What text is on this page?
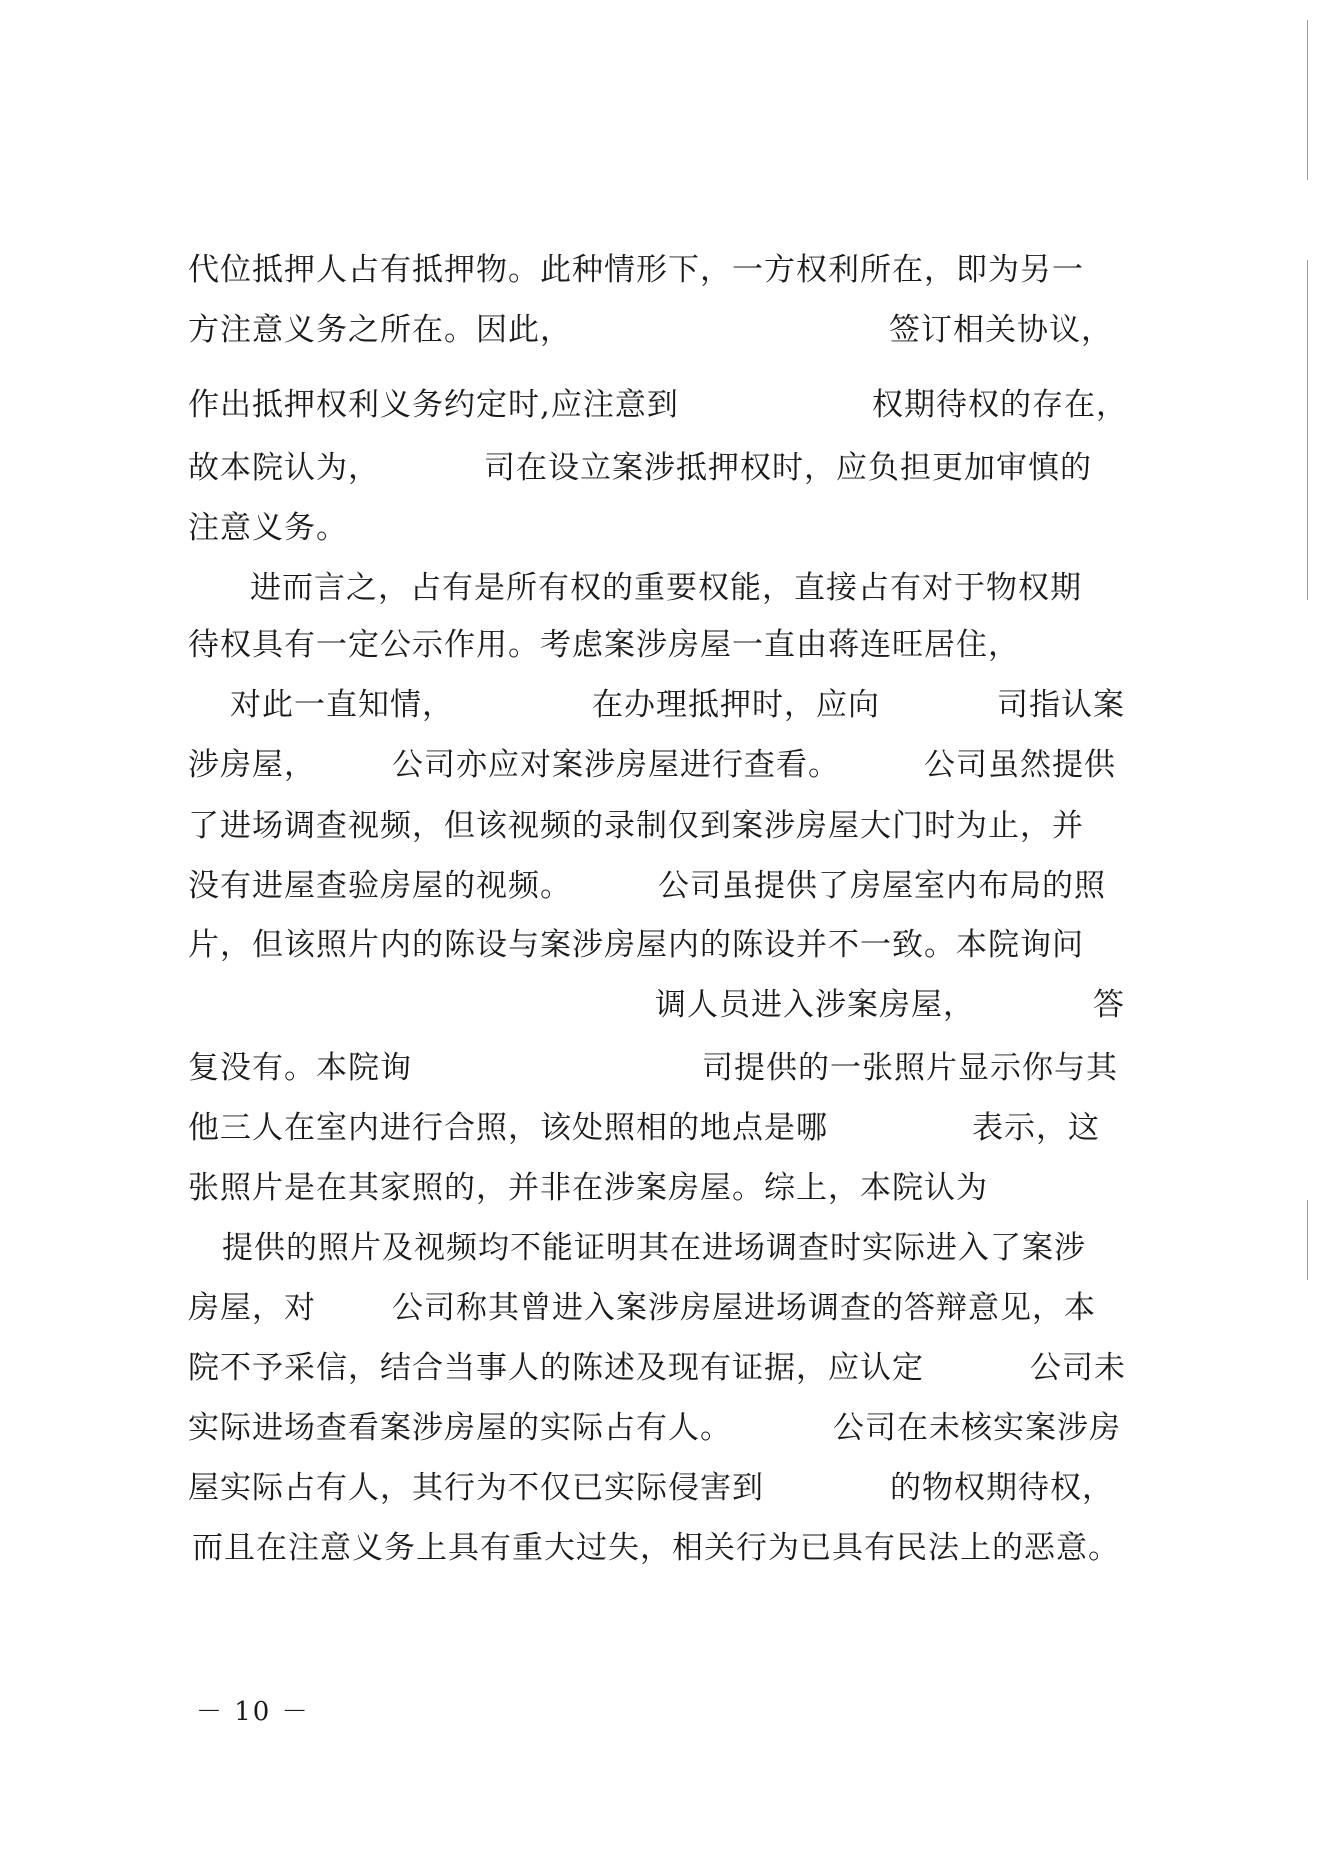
代位抵押人占有抵押物。此种情形下，一方权利所在，即为另一

方注意义务之所在。因此，

	签订相关协议，

作出抵押权利义务约定时,应注意到

	权期待权的存在，

故本院认为，

	司在设立案涉抵押权时，应负担更加审慎的

注意义务。

进而言之，占有是所有权的重要权能，直接占有对于物权期

待权具有一定公示作用。考虑案涉房屋一直由蒋连旺居住，

对此一直知情，

	在办理抵押时，应向

	司指认案

涉房屋，

公司亦应对案涉房屋进行查看。

	公司虽然提供

了进场调查视频，但该视频的录制仅到案涉房屋大门时为止，并

没有进屋查验房屋的视频。

	公司虽提供了房屋室内布局的照

片，但该照片内的陈设与案涉房屋内的陈设并不一致。本院询问

调人员进入涉案房屋，

	答

复没有。本院询

	司提供的一张照片显示你与其

他三人在室内进行合照，该处照相的地点是哪

	表示，这

张照片是在其家照的，并非在涉案房屋。综上，本院认为

提供的照片及视频均不能证明其在进场调查时实际进入了案涉

房屋，对

公司称其曾进入案涉房屋进场调查的答辩意见，本

院不予采信，结合当事人的陈述及现有证据，应认定

	公司未

实际进场查看案涉房屋的实际占有人。

	公司在未核实案涉房

屋实际占有人，其行为不仅已实际侵害到

	的物权期待权，

而且在注意义务上具有重大过失，相关行为已具有民法上的恶意。

－ 10 －
